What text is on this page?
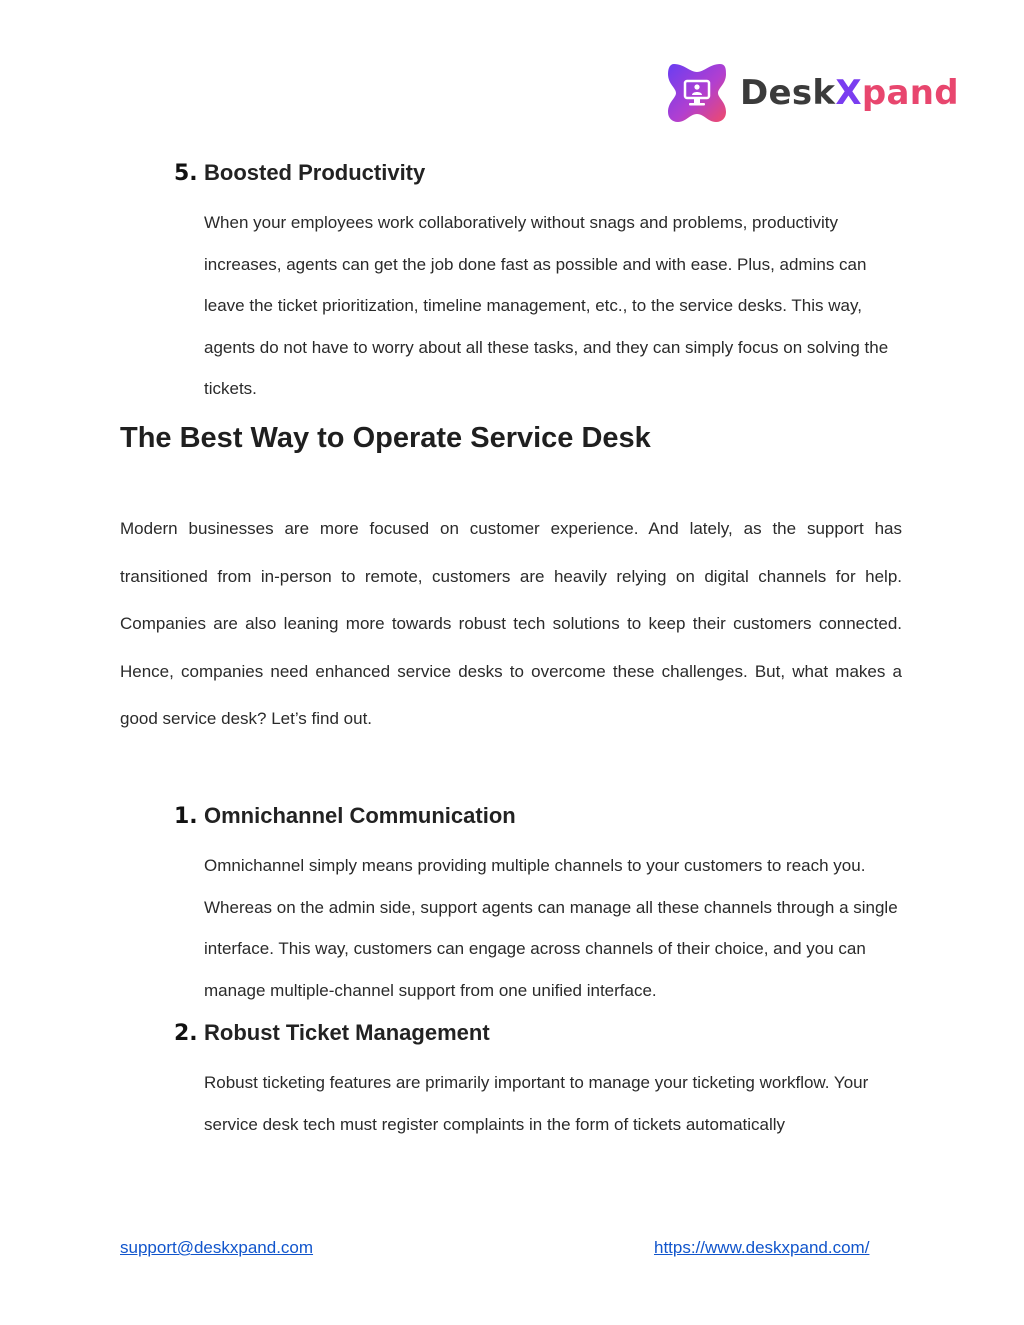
DeskXpand
5. Boosted Productivity

When your employees work collaboratively without snags and problems, productivity increases, agents can get the job done fast as possible and with ease. Plus, admins can leave the ticket prioritization, timeline management, etc., to the service desks. This way, agents do not have to worry about all these tasks, and they can simply focus on solving the tickets.

The Best Way to Operate Service Desk

Modern businesses are more focused on customer experience. And lately, as the support has transitioned from in-person to remote, customers are heavily relying on digital channels for help. Companies are also leaning more towards robust tech solutions to keep their customers connected. Hence, companies need enhanced service desks to overcome these challenges. But, what makes a good service desk? Let’s find out.

1. Omnichannel Communication

Omnichannel simply means providing multiple channels to your customers to reach you. Whereas on the admin side, support agents can manage all these channels through a single interface. This way, customers can engage across channels of their choice, and you can manage multiple-channel support from one unified interface.

2. Robust Ticket Management

Robust ticketing features are primarily important to manage your ticketing workflow. Your service desk tech must register complaints in the form of tickets automatically

support@deskxpand.com	https://www.deskxpand.com/
